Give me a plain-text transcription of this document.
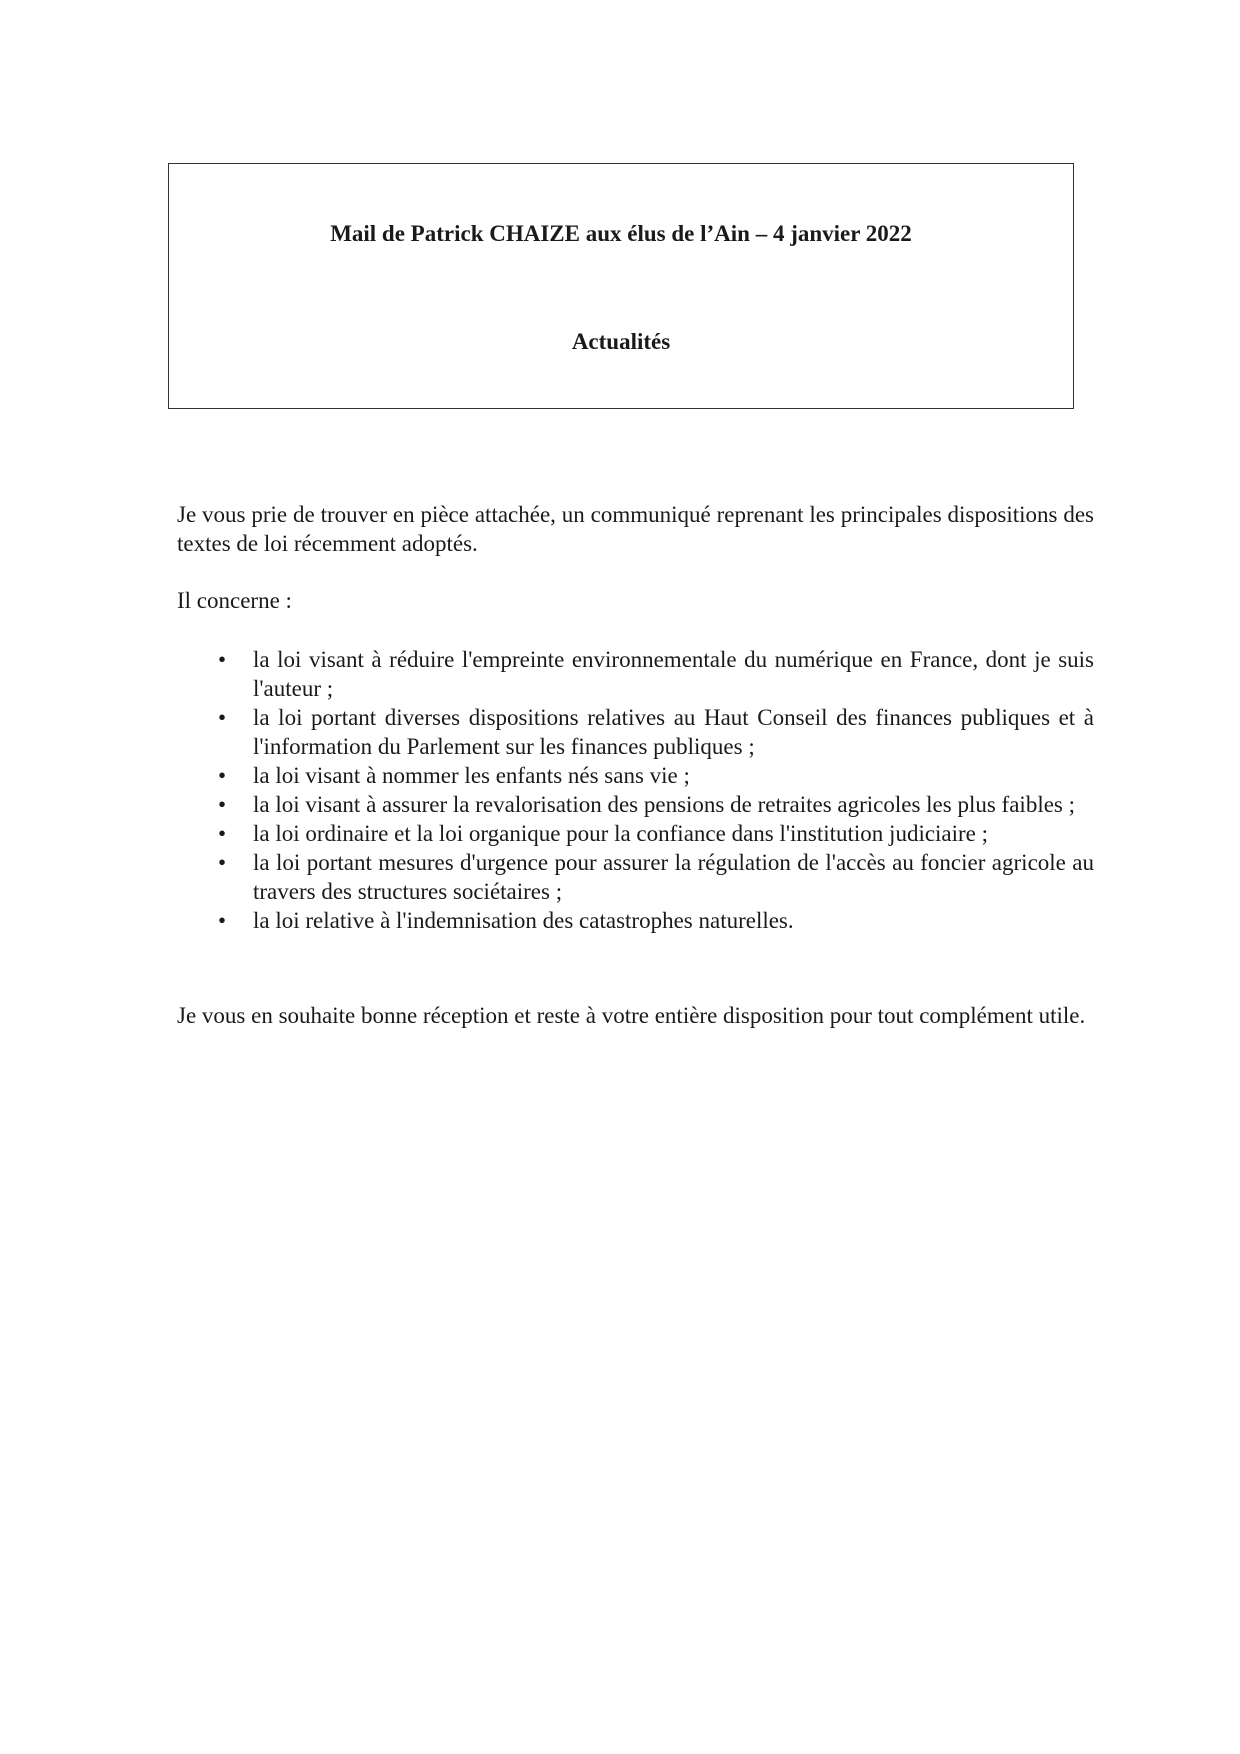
Mail de Patrick CHAIZE aux élus de l’Ain – 4 janvier 2022

Actualités

Je vous prie de trouver en pièce attachée, un communiqué reprenant les principales dispositions des textes de loi récemment adoptés.

Il concerne :

• la loi visant à réduire l'empreinte environnementale du numérique en France, dont je suis l'auteur ;
• la loi portant diverses dispositions relatives au Haut Conseil des finances publiques et à l'information du Parlement sur les finances publiques ;
• la loi visant à nommer les enfants nés sans vie ;
• la loi visant à assurer la revalorisation des pensions de retraites agricoles les plus faibles ;
• la loi ordinaire et la loi organique pour la confiance dans l'institution judiciaire ;
• la loi portant mesures d'urgence pour assurer la régulation de l'accès au foncier agricole au travers des structures sociétaires ;
• la loi relative à l'indemnisation des catastrophes naturelles.

Je vous en souhaite bonne réception et reste à votre entière disposition pour tout complément utile.
